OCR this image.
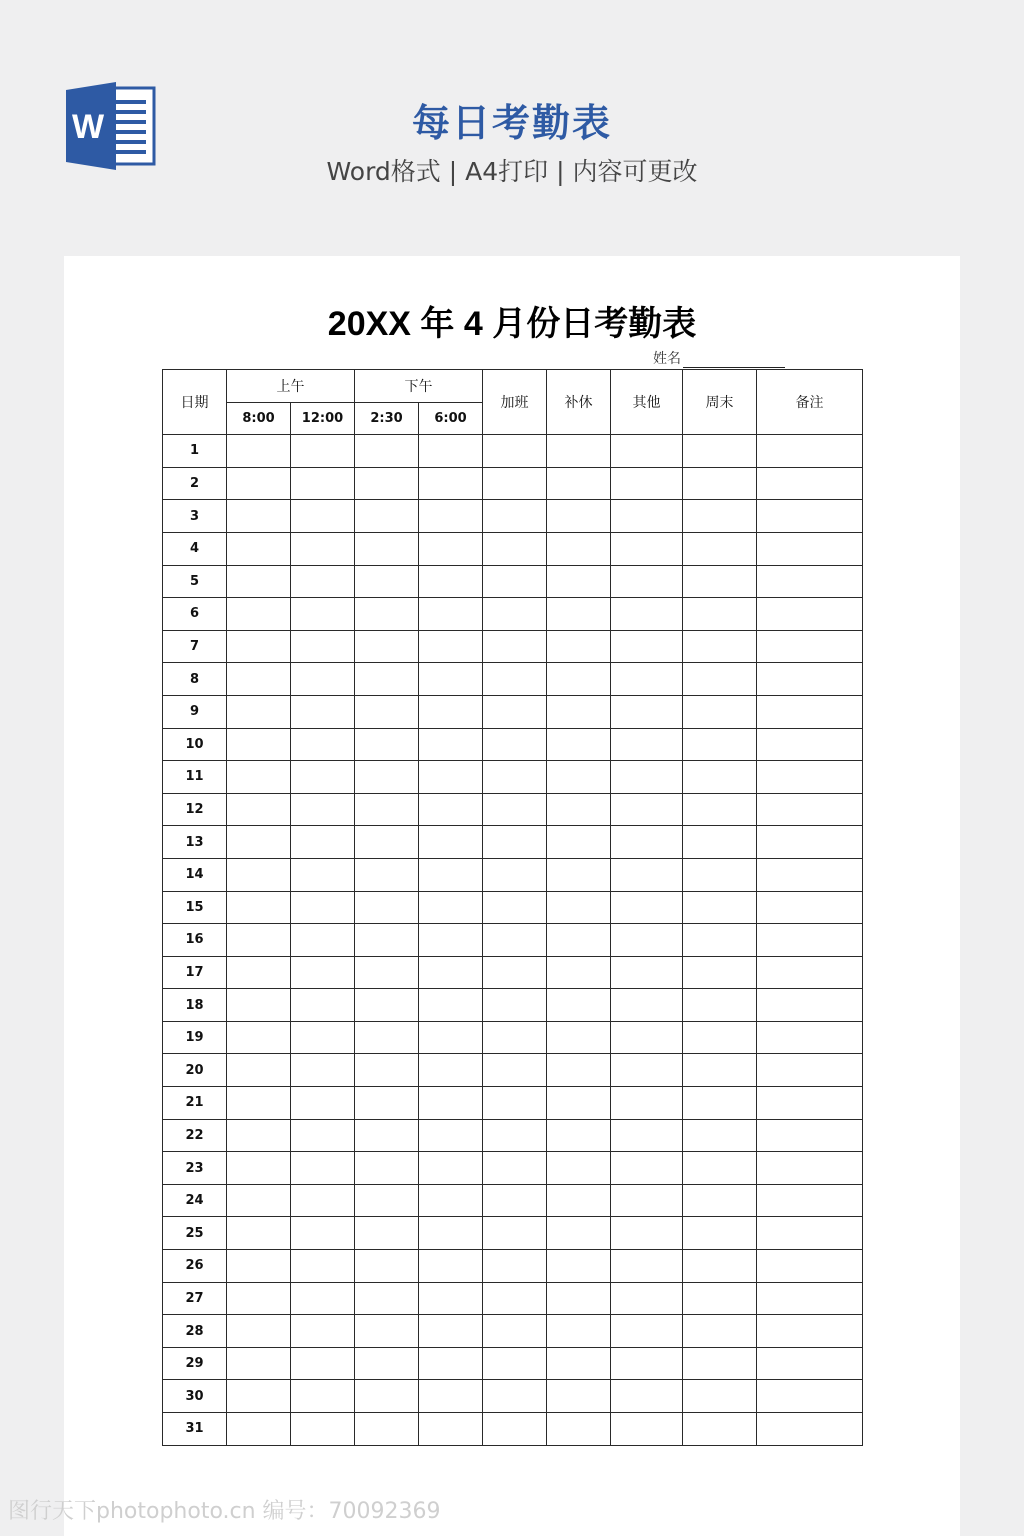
W	每日考勤表
Word格式 | A4打印 | 内容可更改
20XX 年 4 月份日考勤表
姓名
日期	上午		下午		加班	补休	其他	周末	备注
	8:00	12:00	2:30	6:00					
1									
2									
3									
4									
5									
6									
7									
8									
9									
10									
11									
12									
13									
14									
15									
16									
17									
18									
19									
20									
21									
22									
23									
24									
25									
26									
27									
28									
29									
30									
31									
图行天下photophoto.cn 编号：70092369
